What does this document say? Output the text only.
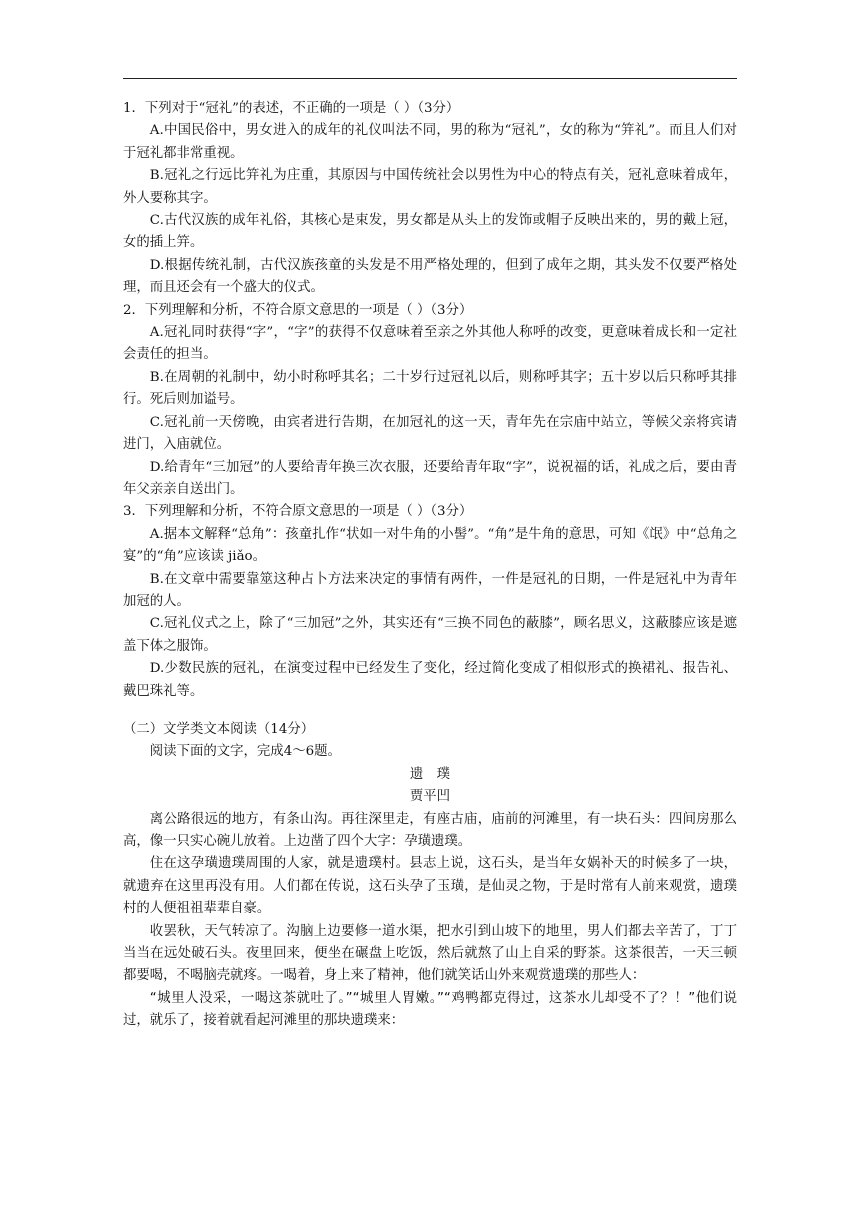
1．下列对于“冠礼”的表述，不正确的一项是（ ）（3分）

A.中国民俗中，男女进入的成年的礼仪叫法不同，男的称为“冠礼”，女的称为“笄礼”。而且人们对于冠礼都非常重视。

B.冠礼之行远比笄礼为庄重，其原因与中国传统社会以男性为中心的特点有关，冠礼意味着成年，外人要称其字。

C.古代汉族的成年礼俗，其核心是束发，男女都是从头上的发饰或帽子反映出来的，男的戴上冠，女的插上笄。

D.根据传统礼制，古代汉族孩童的头发是不用严格处理的，但到了成年之期，其头发不仅要严格处理，而且还会有一个盛大的仪式。

2．下列理解和分析，不符合原文意思的一项是（ ）（3分）

A.冠礼同时获得“字”，“字”的获得不仅意味着至亲之外其他人称呼的改变，更意味着成长和一定社会责任的担当。

B.在周朝的礼制中，幼小时称呼其名；二十岁行过冠礼以后，则称呼其字；五十岁以后只称呼其排行。死后则加谥号。

C.冠礼前一天傍晚，由宾者进行告期，在加冠礼的这一天，青年先在宗庙中站立，等候父亲将宾请进门，入庙就位。

D.给青年“三加冠”的人要给青年换三次衣服，还要给青年取“字”，说祝福的话，礼成之后，要由青年父亲亲自送出门。

3．下列理解和分析，不符合原文意思的一项是（ ）（3分）

A.据本文解释“总角”：孩童扎作“状如一对牛角的小髻”。“角”是牛角的意思，可知《氓》中“总角之宴”的“角”应该读 jiǎo。

B.在文章中需要靠筮这种占卜方法来决定的事情有两件，一件是冠礼的日期，一件是冠礼中为青年加冠的人。

C.冠礼仪式之上，除了“三加冠”之外，其实还有“三换不同色的蔽膝”，顾名思义，这蔽膝应该是遮盖下体之服饰。

D.少数民族的冠礼，在演变过程中已经发生了变化，经过简化变成了相似形式的换裙礼、报告礼、戴巴珠礼等。

（二）文学类文本阅读（14分）

阅读下面的文字，完成4～6题。

遗璞

贾平凹

离公路很远的地方，有条山沟。再往深里走，有座古庙，庙前的河滩里，有一块石头：四间房那么高，像一只实心碗儿放着。上边凿了四个大字：孕璜遗璞。

住在这孕璜遗璞周围的人家，就是遗璞村。县志上说，这石头，是当年女娲补天的时候多了一块，就遗弃在这里再没有用。人们都在传说，这石头孕了玉璜，是仙灵之物，于是时常有人前来观赏，遗璞村的人便祖祖辈辈自豪。

收罢秋，天气转凉了。沟脑上边要修一道水渠，把水引到山坡下的地里，男人们都去辛苦了，丁丁当当在远处破石头。夜里回来，便坐在碾盘上吃饭，然后就熬了山上自采的野茶。这茶很苦，一天三顿都要喝，不喝脑壳就疼。一喝着，身上来了精神，他们就笑话山外来观赏遗璞的那些人：

“城里人没采，一喝这茶就吐了。”“城里人胃嫩。”“鸡鸭都克得过，这茶水儿却受不了？！”他们说过，就乐了，接着就看起河滩里的那块遗璞来：
